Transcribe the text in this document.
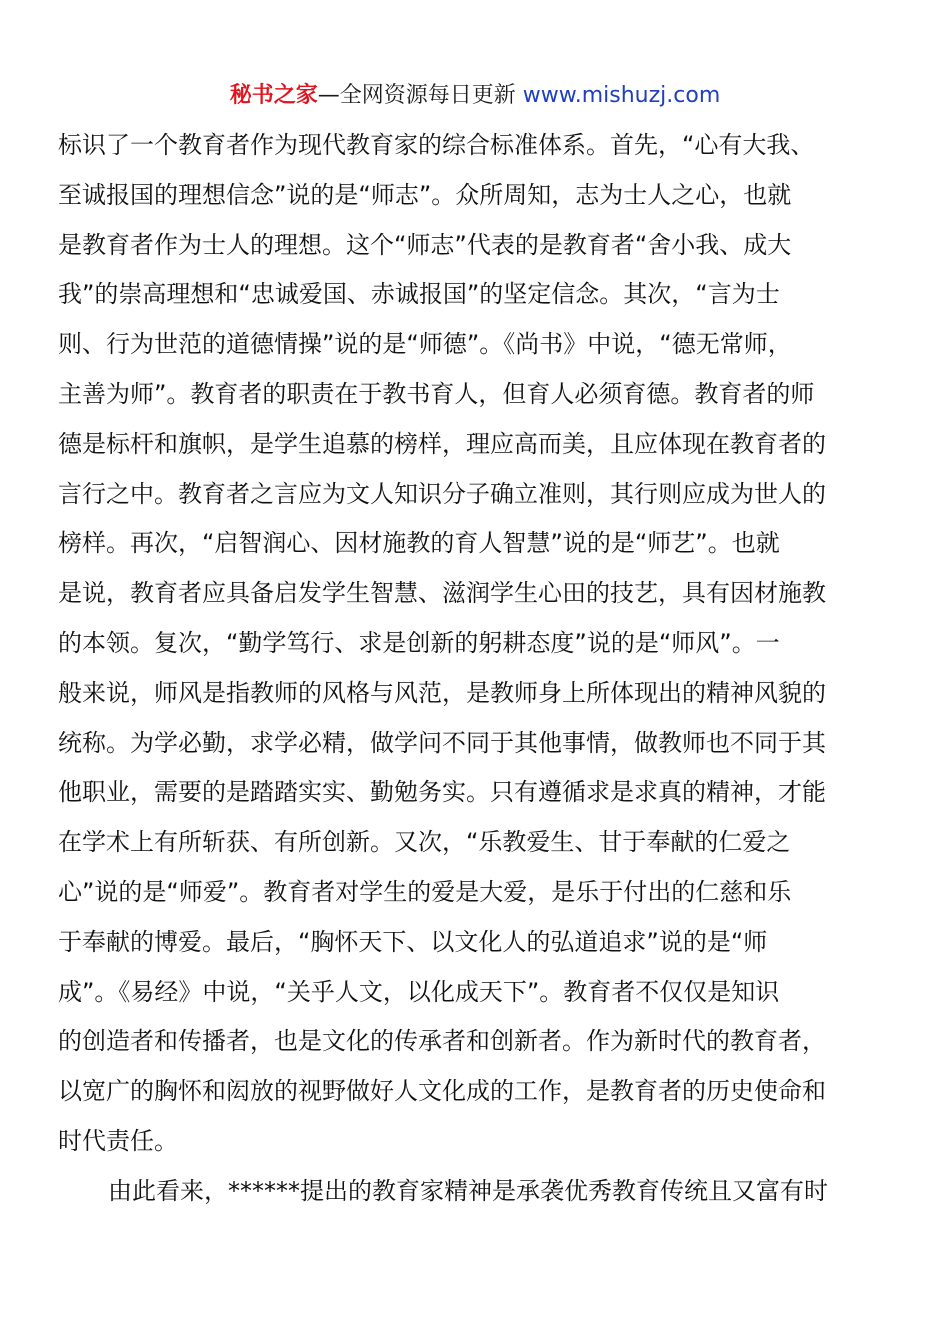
秘书之家—全网资源每日更新 www.mishuzj.com
标识了一个教育者作为现代教育家的综合标准体系。首先，“心有大我、
至诚报国的理想信念”说的是“师志”。众所周知，志为士人之心，也就
是教育者作为士人的理想。这个“师志”代表的是教育者“舍小我、成大
我”的崇高理想和“忠诚爱国、赤诚报国”的坚定信念。其次，“言为士
则、行为世范的道德情操”说的是“师德”。《尚书》中说，“德无常师，
主善为师”。教育者的职责在于教书育人，但育人必须育德。教育者的师
德是标杆和旗帜，是学生追慕的榜样，理应高而美，且应体现在教育者的
言行之中。教育者之言应为文人知识分子确立准则，其行则应成为世人的
榜样。再次，“启智润心、因材施教的育人智慧”说的是“师艺”。也就
是说，教育者应具备启发学生智慧、滋润学生心田的技艺，具有因材施教
的本领。复次，“勤学笃行、求是创新的躬耕态度”说的是“师风”。一
般来说，师风是指教师的风格与风范，是教师身上所体现出的精神风貌的
统称。为学必勤，求学必精，做学问不同于其他事情，做教师也不同于其
他职业，需要的是踏踏实实、勤勉务实。只有遵循求是求真的精神，才能
在学术上有所斩获、有所创新。又次，“乐教爱生、甘于奉献的仁爱之
心”说的是“师爱”。教育者对学生的爱是大爱，是乐于付出的仁慈和乐
于奉献的博爱。最后，“胸怀天下、以文化人的弘道追求”说的是“师
成”。《易经》中说，“关乎人文，以化成天下”。教育者不仅仅是知识
的创造者和传播者，也是文化的传承者和创新者。作为新时代的教育者，
以宽广的胸怀和闳放的视野做好人文化成的工作，是教育者的历史使命和
时代责任。
由此看来，******提出的教育家精神是承袭优秀教育传统且又富有时
